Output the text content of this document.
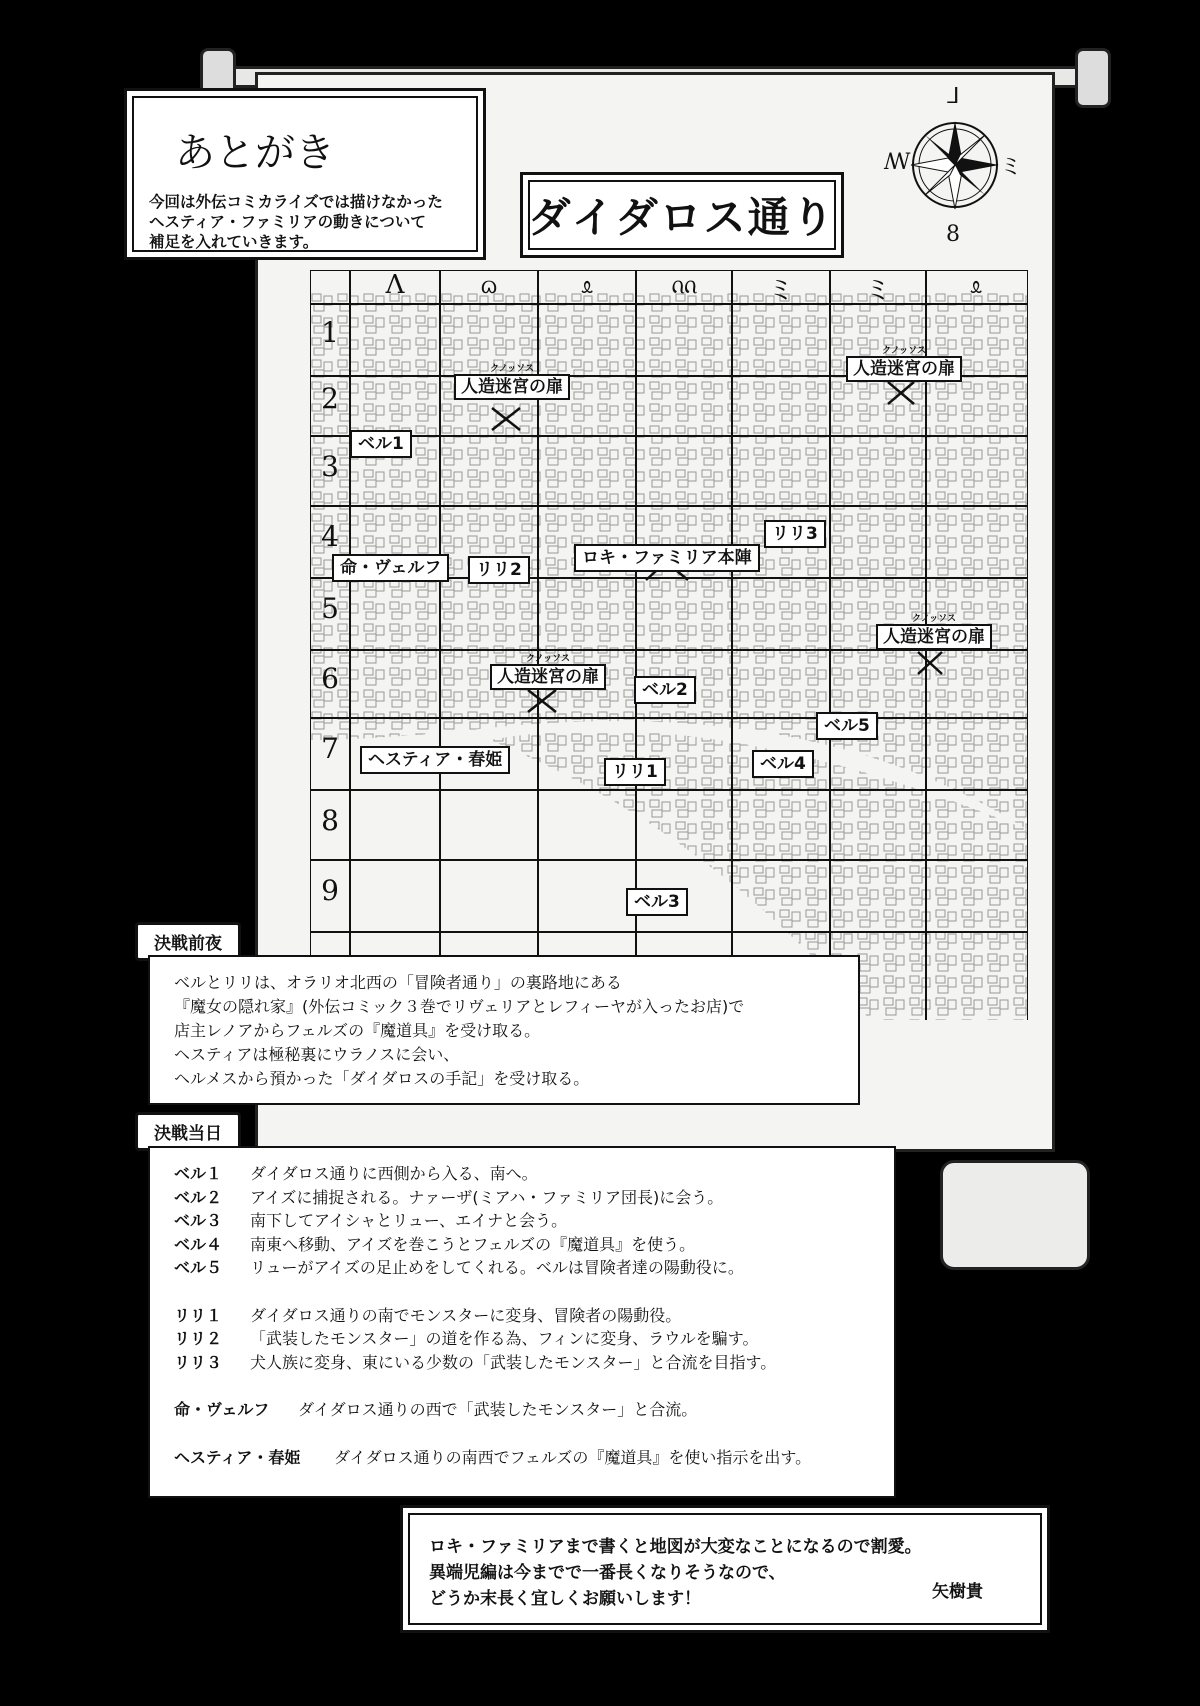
あとがき

今回は外伝コミカライズでは描けなかった

ヘスティア・ファミリアの動きについて

補足を入れていきます。	ダイダロス通り
ᒧ
ミ
ꟿ
8
Λ	ᦒ	ᦸ	ᦶ	ミ	ミ	ᦸ
1
2
3
4
5
6
7
8
9
クノッソス
人造迷宮の扉
クノッソス
人造迷宮の扉
クノッソス
人造迷宮の扉
クノッソス
人造迷宮の扉
ベル1
命・ヴェルフ	リリ2
ロキ・ファミリア本陣
リリ3
ベル2
ヘスティア・春姫
リリ1	ベル4
ベル5
ベル3
決戦前夜

ベルとリリは、オラリオ北西の「冒険者通り」の裏路地にある

『魔女の隠れ家』(外伝コミック３巻でリヴェリアとレフィーヤが入ったお店)で

店主レノアからフェルズの『魔道具』を受け取る。

ヘスティアは極秘裏にウラノスに会い、

ヘルメスから預かった「ダイダロスの手記」を受け取る。

決戦当日
ベル１	ダイダロス通りに西側から入る、南へ。
ベル２	アイズに捕捉される。ナァーザ(ミアハ・ファミリア団長)に会う。
ベル３	南下してアイシャとリュー、エイナと会う。
ベル４	南東へ移動、アイズを巻こうとフェルズの『魔道具』を使う。
ベル５	リューがアイズの足止めをしてくれる。ベルは冒険者達の陽動役に。
リリ１	ダイダロス通りの南でモンスターに変身、冒険者の陽動役。
リリ２	「武装したモンスター」の道を作る為、フィンに変身、ラウルを騙す。
リリ３	犬人族に変身、東にいる少数の「武装したモンスター」と合流を目指す。
命・ヴェルフ	ダイダロス通りの西で「武装したモンスター」と合流。
ヘスティア・春姫	ダイダロス通りの南西でフェルズの『魔道具』を使い指示を出す。

ロキ・ファミリアまで書くと地図が大変なことになるので割愛。

異端児編は今までで一番長くなりそうなので、

どうか末長く宜しくお願いします！	矢樹貴
